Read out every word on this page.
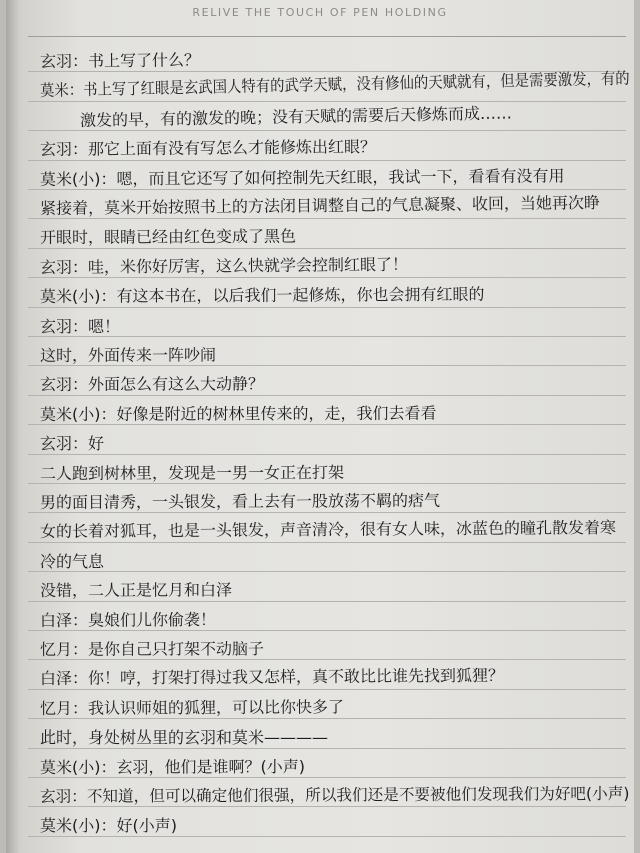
RELIVE THE TOUCH OF PEN HOLDING
玄羽：书上写了什么？
莫米：书上写了红眼是玄武国人特有的武学天赋，没有修仙的天赋就有，但是需要激发，有的
激发的早，有的激发的晚；没有天赋的需要后天修炼而成……
玄羽：那它上面有没有写怎么才能修炼出红眼？
莫米(小)：嗯，而且它还写了如何控制先天红眼，我试一下，看看有没有用
紧接着，莫米开始按照书上的方法闭目调整自己的气息凝聚、收回，当她再次睁
开眼时，眼睛已经由红色变成了黑色
玄羽：哇，米你好厉害，这么快就学会控制红眼了！
莫米(小)：有这本书在，以后我们一起修炼，你也会拥有红眼的
玄羽：嗯！
这时，外面传来一阵吵闹
玄羽：外面怎么有这么大动静？
莫米(小)：好像是附近的树林里传来的，走，我们去看看
玄羽：好
二人跑到树林里，发现是一男一女正在打架
男的面目清秀，一头银发，看上去有一股放荡不羁的痞气
女的长着对狐耳，也是一头银发，声音清冷，很有女人味，冰蓝色的瞳孔散发着寒
冷的气息
没错，二人正是忆月和白泽
白泽：臭娘们儿你偷袭！
忆月：是你自己只打架不动脑子
白泽：你！哼，打架打得过我又怎样，真不敢比比谁先找到狐狸？
忆月：我认识师姐的狐狸，可以比你快多了
此时，身处树丛里的玄羽和莫米————
莫米(小)：玄羽，他们是谁啊？(小声)
玄羽：不知道，但可以确定他们很强，所以我们还是不要被他们发现我们为好吧(小声)
莫米(小)：好(小声)
